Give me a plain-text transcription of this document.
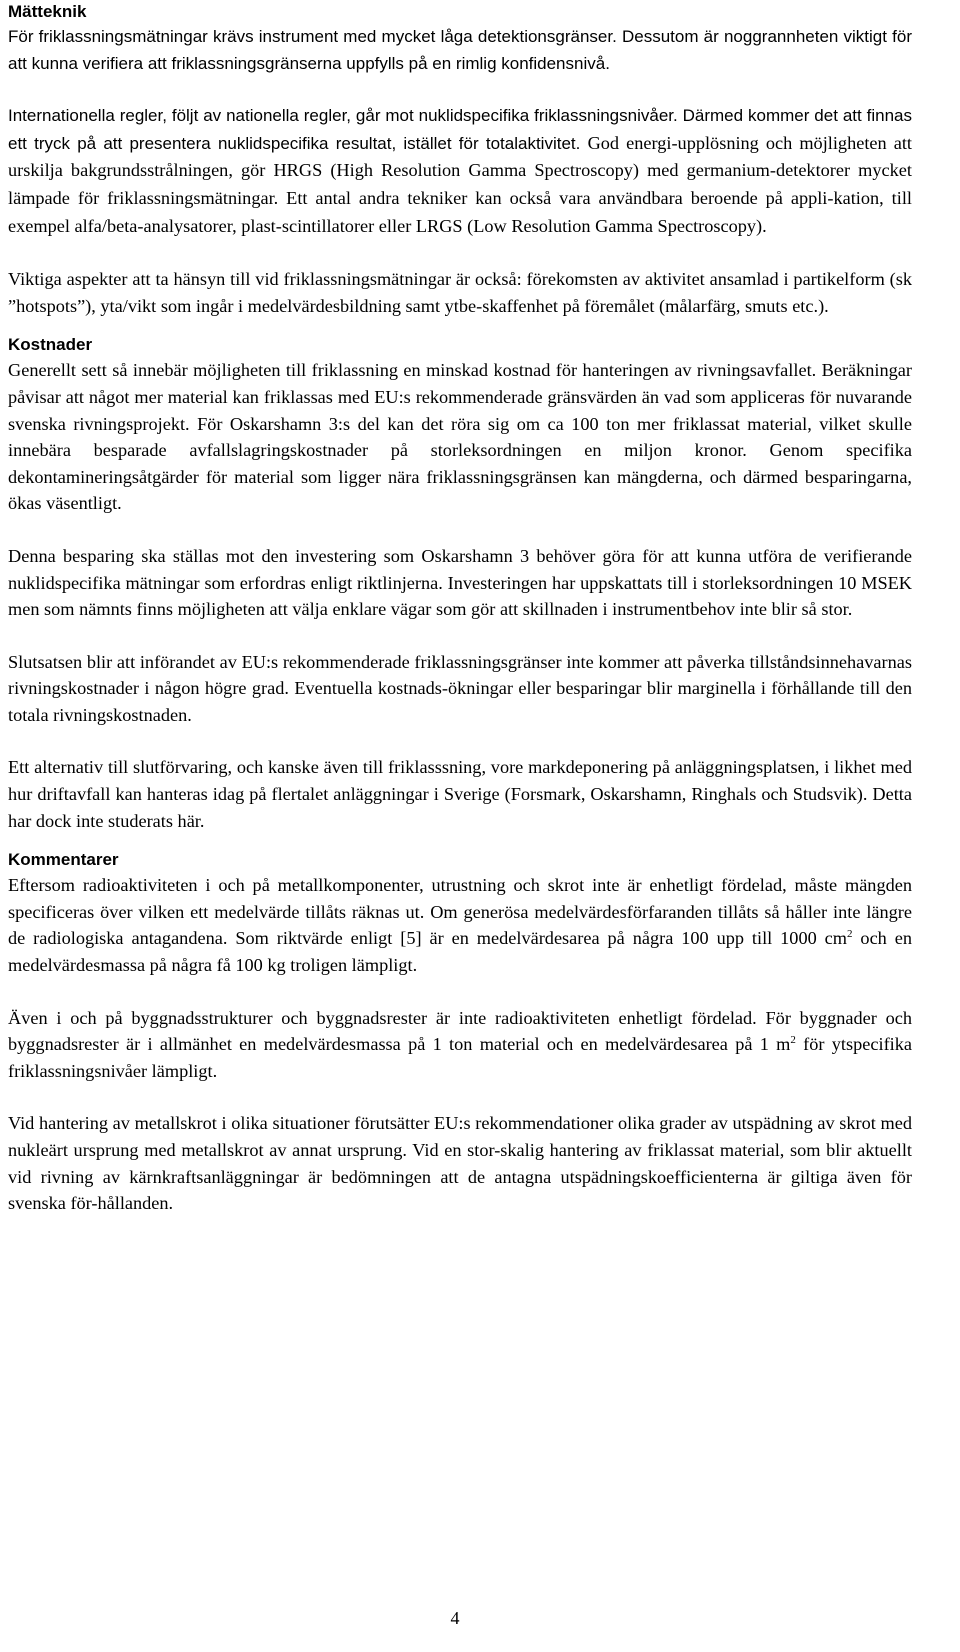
Mätteknik

För friklassningsmätningar krävs instrument med mycket låga detektionsgränser. Dessutom är noggrannheten viktigt för att kunna verifiera att friklassningsgränserna uppfylls på en rimlig konfidensnivå.

Internationella regler, följt av nationella regler, går mot nuklidspecifika friklassningsnivåer. Därmed kommer det att finnas ett tryck på att presentera nuklidspecifika resultat, istället för totalaktivitet. God energi-upplösning och möjligheten att urskilja bakgrundsstrålningen, gör HRGS (High Resolution Gamma Spectroscopy) med germanium-detektorer mycket lämpade för friklassningsmätningar. Ett antal andra tekniker kan också vara användbara beroende på appli-kation, till exempel alfa/beta-analysatorer, plast-scintillatorer eller LRGS (Low Resolution Gamma Spectroscopy).

Viktiga aspekter att ta hänsyn till vid friklassningsmätningar är också: förekomsten av aktivitet ansamlad i partikelform (sk ”hotspots”), yta/vikt som ingår i medelvärdesbildning samt ytbe-skaffenhet på föremålet (målarfärg, smuts etc.).

Kostnader

Generellt sett så innebär möjligheten till friklassning en minskad kostnad för hanteringen av rivningsavfallet. Beräkningar påvisar att något mer material kan friklassas med EU:s rekommenderade gränsvärden än vad som appliceras för nuvarande svenska rivningsprojekt. För Oskarshamn 3:s del kan det röra sig om ca 100 ton mer friklassat material, vilket skulle innebära besparade avfallslagringskostnader på storleksordningen en miljon kronor. Genom specifika dekontamineringsåtgärder för material som ligger nära friklassningsgränsen kan mängderna, och därmed besparingarna, ökas väsentligt.

Denna besparing ska ställas mot den investering som Oskarshamn 3 behöver göra för att kunna utföra de verifierande nuklidspecifika mätningar som erfordras enligt riktlinjerna. Investeringen har uppskattats till i storleksordningen 10 MSEK men som nämnts finns möjligheten att välja enklare vägar som gör att skillnaden i instrumentbehov inte blir så stor.

Slutsatsen blir att införandet av EU:s rekommenderade friklassningsgränser inte kommer att påverka tillståndsinnehavarnas rivningskostnader i någon högre grad. Eventuella kostnads-ökningar eller besparingar blir marginella i förhållande till den totala rivningskostnaden.

Ett alternativ till slutförvaring, och kanske även till friklasssning, vore markdeponering på anläggningsplatsen, i likhet med hur driftavfall kan hanteras idag på flertalet anläggningar i Sverige (Forsmark, Oskarshamn, Ringhals och Studsvik). Detta har dock inte studerats här.

Kommentarer

Eftersom radioaktiviteten i och på metallkomponenter, utrustning och skrot inte är enhetligt fördelad, måste mängden specificeras över vilken ett medelvärde tillåts räknas ut. Om generösa medelvärdesförfaranden tillåts så håller inte längre de radiologiska antagandena. Som riktvärde enligt [5] är en medelvärdesarea på några 100 upp till 1000 $cm^2$ och en medelvärdesmassa på några få 100 kg troligen lämpligt.

Även i och på byggnadsstrukturer och byggnadsrester är inte radioaktiviteten enhetligt fördelad. För byggnader och byggnadsrester är i allmänhet en medelvärdesmassa på 1 ton material och en medelvärdesarea på 1 $m^2$ för ytspecifika friklassningsnivåer lämpligt.

Vid hantering av metallskrot i olika situationer förutsätter EU:s rekommendationer olika grader av utspädning av skrot med nukleärt ursprung med metallskrot av annat ursprung. Vid en stor-skalig hantering av friklassat material, som blir aktuellt vid rivning av kärnkraftsanläggningar är bedömningen att de antagna utspädningskoefficienterna är giltiga även för svenska för-hållanden.

4
